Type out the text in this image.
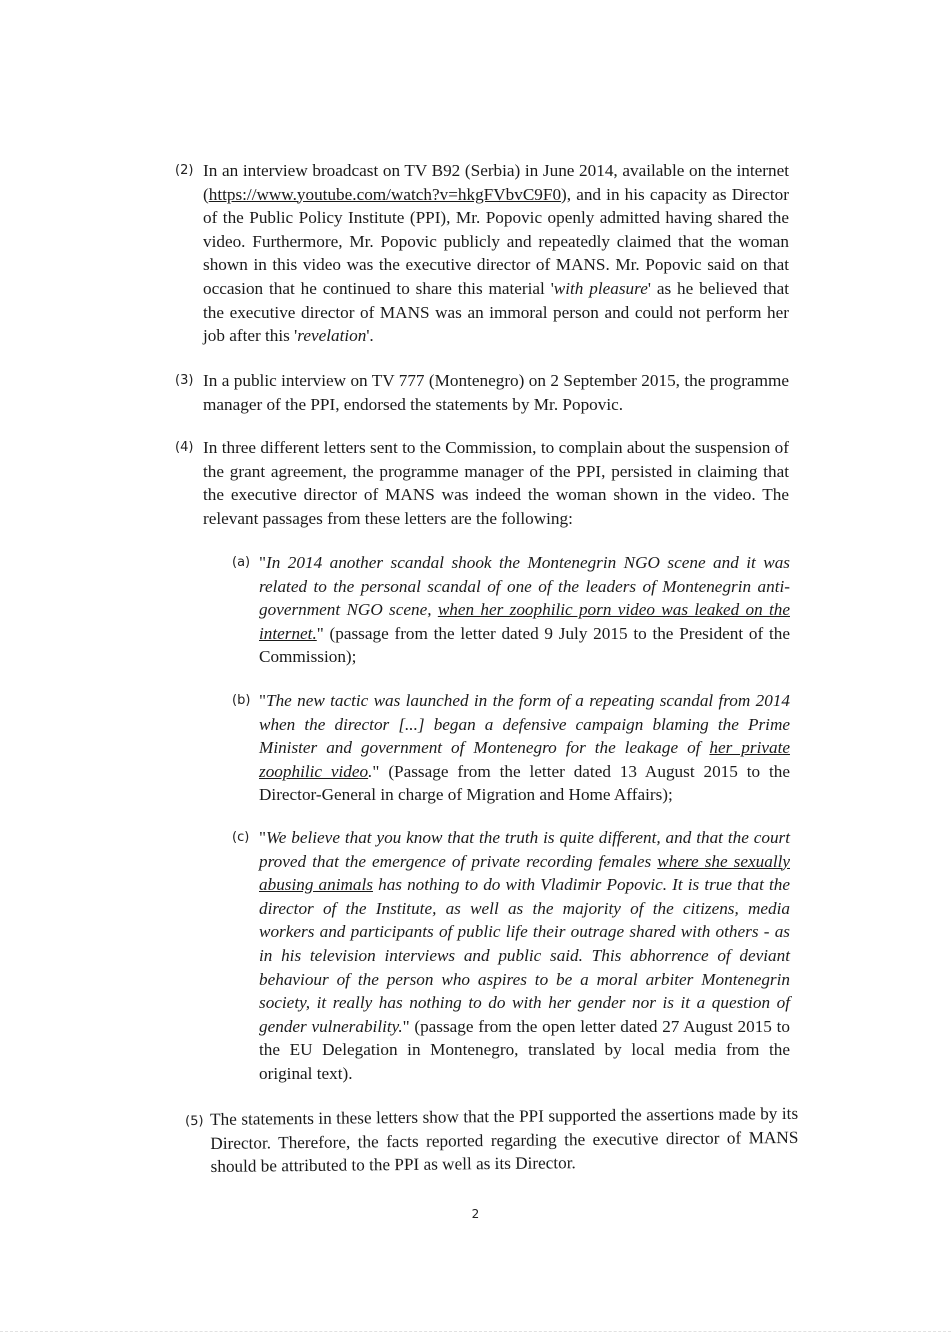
(2) In an interview broadcast on TV B92 (Serbia) in June 2014, available on the internet (https://www.youtube.com/watch?v=hkgFVbvC9F0), and in his capacity as Director of the Public Policy Institute (PPI), Mr. Popovic openly admitted having shared the video. Furthermore, Mr. Popovic publicly and repeatedly claimed that the woman shown in this video was the executive director of MANS. Mr. Popovic said on that occasion that he continued to share this material 'with pleasure' as he believed that the executive director of MANS was an immoral person and could not perform her job after this 'revelation'.
(3) In a public interview on TV 777 (Montenegro) on 2 September 2015, the programme manager of the PPI, endorsed the statements by Mr. Popovic.
(4) In three different letters sent to the Commission, to complain about the suspension of the grant agreement, the programme manager of the PPI, persisted in claiming that the executive director of MANS was indeed the woman shown in the video. The relevant passages from these letters are the following:
(a) "In 2014 another scandal shook the Montenegrin NGO scene and it was related to the personal scandal of one of the leaders of Montenegrin anti-government NGO scene, when her zoophilic porn video was leaked on the internet." (passage from the letter dated 9 July 2015 to the President of the Commission);
(b) "The new tactic was launched in the form of a repeating scandal from 2014 when the director [...] began a defensive campaign blaming the Prime Minister and government of Montenegro for the leakage of her private zoophilic video." (Passage from the letter dated 13 August 2015 to the Director-General in charge of Migration and Home Affairs);
(c) "We believe that you know that the truth is quite different, and that the court proved that the emergence of private recording females where she sexually abusing animals has nothing to do with Vladimir Popovic. It is true that the director of the Institute, as well as the majority of the citizens, media workers and participants of public life their outrage shared with others - as in his television interviews and public said. This abhorrence of deviant behaviour of the person who aspires to be a moral arbiter Montenegrin society, it really has nothing to do with her gender nor is it a question of gender vulnerability." (passage from the open letter dated 27 August 2015 to the EU Delegation in Montenegro, translated by local media from the original text).
(5) The statements in these letters show that the PPI supported the assertions made by its Director. Therefore, the facts reported regarding the executive director of MANS should be attributed to the PPI as well as its Director.
2
